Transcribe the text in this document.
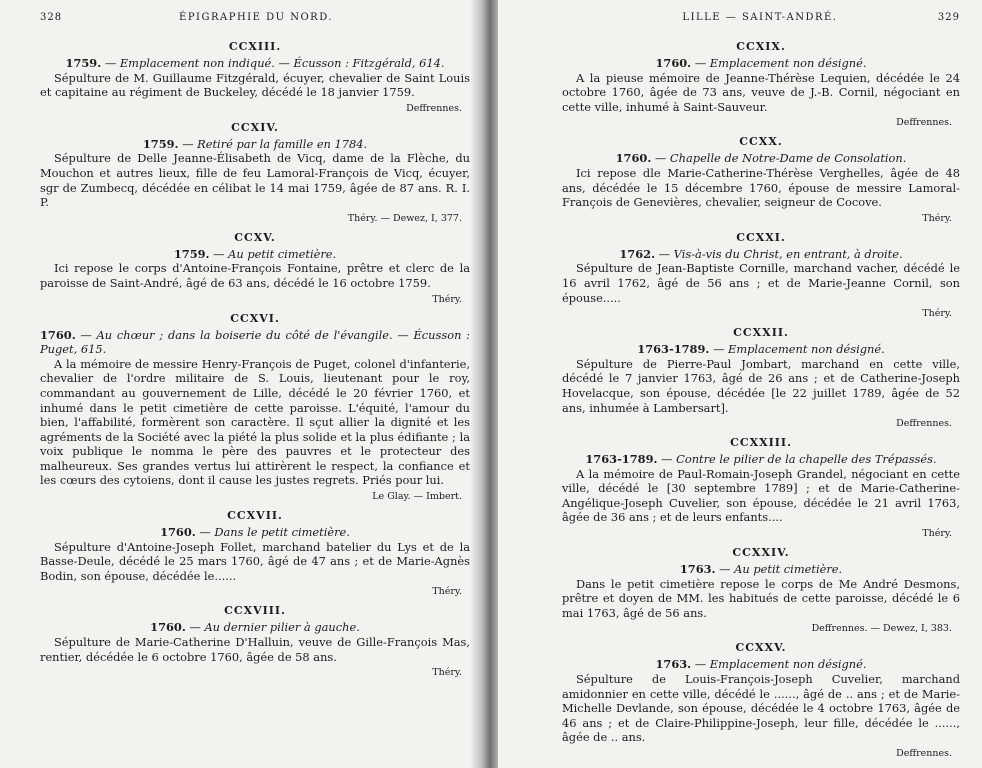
328	ÉPIGRAPHIE DU NORD.
CCXIII.

1759. — Emplacement non indiqué. — Écusson : Fitzgérald, 614.

Sépulture de M. Guillaume Fitzgérald, écuyer, chevalier de Saint Louis et capitaine au régiment de Buckeley, décédé le 18 janvier 1759.

Deffrennes.
CCXIV.

1759. — Retiré par la famille en 1784.

Sépulture de Delle Jeanne-Élisabeth de Vicq, dame de la Flèche, du Mouchon et autres lieux, fille de feu Lamoral-François de Vicq, écuyer, sgr de Zumbecq, décédée en célibat le 14 mai 1759, âgée de 87 ans. R. I. P.

Théry. — Dewez, I, 377.
CCXV.

1759. — Au petit cimetière.

Ici repose le corps d'Antoine-François Fontaine, prêtre et clerc de la paroisse de Saint-André, âgé de 63 ans, décédé le 16 octobre 1759.

Théry.
CCXVI.

1760. — Au chœur ; dans la boiserie du côté de l'évangile. — Écusson : Puget, 615.

A la mémoire de messire Henry-François de Puget, colonel d'infanterie, chevalier de l'ordre militaire de S. Louis, lieutenant pour le roy, commandant au gouvernement de Lille, décédé le 20 février 1760, et inhumé dans le petit cimetière de cette paroisse. L'équité, l'amour du bien, l'affabilité, formèrent son caractère. Il sçut allier la dignité et les agréments de la Société avec la piété la plus solide et la plus édifiante ; la voix publique le nomma le père des pauvres et le protecteur des malheureux. Ses grandes vertus lui attirèrent le respect, la confiance et les cœurs des cytoiens, dont il cause les justes regrets. Priés pour lui.

Le Glay. — Imbert.
CCXVII.

1760. — Dans le petit cimetière.

Sépulture d'Antoine-Joseph Follet, marchand batelier du Lys et de la Basse-Deule, décédé le 25 mars 1760, âgé de 47 ans ; et de Marie-Agnès Bodin, son épouse, décédée le......

Théry.
CCXVIII.

1760. — Au dernier pilier à gauche.

Sépulture de Marie-Catherine D'Halluin, veuve de Gille-François Mas, rentier, décédée le 6 octobre 1760, âgée de 58 ans.

Théry.
LILLE — SAINT-ANDRÉ.	329
CCXIX.

1760. — Emplacement non désigné.

A la pieuse mémoire de Jeanne-Thérèse Lequien, décédée le 24 octobre 1760, âgée de 73 ans, veuve de J.-B. Cornil, négociant en cette ville, inhumé à Saint-Sauveur.

Deffrennes.
CCXX.

1760. — Chapelle de Notre-Dame de Consolation.

Ici repose dle Marie-Catherine-Thérèse Verghelles, âgée de 48 ans, décédée le 15 décembre 1760, épouse de messire Lamoral-François de Genevières, chevalier, seigneur de Cocove.

Théry.
CCXXI.

1762. — Vis-à-vis du Christ, en entrant, à droite.

Sépulture de Jean-Baptiste Cornille, marchand vacher, décédé le 16 avril 1762, âgé de 56 ans ; et de Marie-Jeanne Cornil, son épouse.....

Théry.
CCXXII.

1763-1789. — Emplacement non désigné.

Sépulture de Pierre-Paul Jombart, marchand en cette ville, décédé le 7 janvier 1763, âgé de 26 ans ; et de Catherine-Joseph Hovelacque, son épouse, décédée [le 22 juillet 1789, âgée de 52 ans, inhumée à Lambersart].

Deffrennes.
CCXXIII.

1763-1789. — Contre le pilier de la chapelle des Trépassés.

A la mémoire de Paul-Romain-Joseph Grandel, négociant en cette ville, décédé le [30 septembre 1789] ; et de Marie-Catherine-Angélique-Joseph Cuvelier, son épouse, décédée le 21 avril 1763, âgée de 36 ans ; et de leurs enfants....

Théry.
CCXXIV.

1763. — Au petit cimetière.

Dans le petit cimetière repose le corps de Me André Desmons, prêtre et doyen de MM. les habitués de cette paroisse, décédé le 6 mai 1763, âgé de 56 ans.

Deffrennes. — Dewez, I, 383.
CCXXV.

1763. — Emplacement non désigné.

Sépulture de Louis-François-Joseph Cuvelier, marchand amidonnier en cette ville, décédé le ......, âgé de .. ans ; et de Marie-Michelle Devlande, son épouse, décédée le 4 octobre 1763, âgée de 46 ans ; et de Claire-Philippine-Joseph, leur fille, décédée le ......, âgée de .. ans.

Deffrennes.
